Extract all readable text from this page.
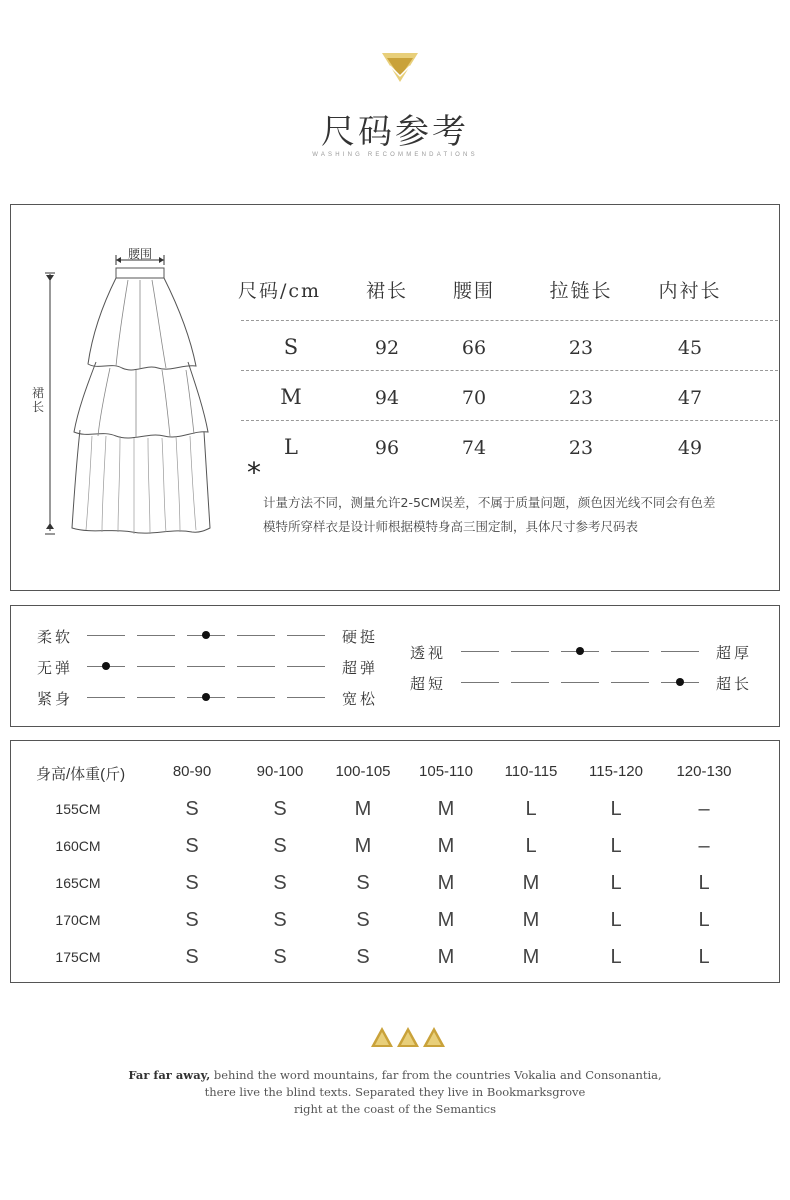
尺码参考
WASHING RECOMMENDATIONS
腰围
裙长
尺码/cm	裙长	腰围	拉链长	内衬长
S	92	66	23	45
M	94	70	23	47
L	96	74	23	49
*
计量方法不同，测量允许2-5CM误差，不属于质量问题，颜色因光线不同会有色差
模特所穿样衣是设计师根据模特身高三围定制，具体尺寸参考尺码表
柔软	硬挺
无弹	超弹
紧身	宽松
透视	超厚
超短	超长
身高/体重(斤)	80-90	90-100	100-105	105-110	110-115	115-120	120-130
155CM	S	S	M	M	L	L	–
160CM	S	S	M	M	L	L	–
165CM	S	S	S	M	M	L	L
170CM	S	S	S	M	M	L	L
175CM	S	S	S	M	M	L	L
Far far away, behind the word mountains, far from the countries Vokalia and Consonantia,
there live the blind texts. Separated they live in Bookmarksgrove
right at the coast of the Semantics
